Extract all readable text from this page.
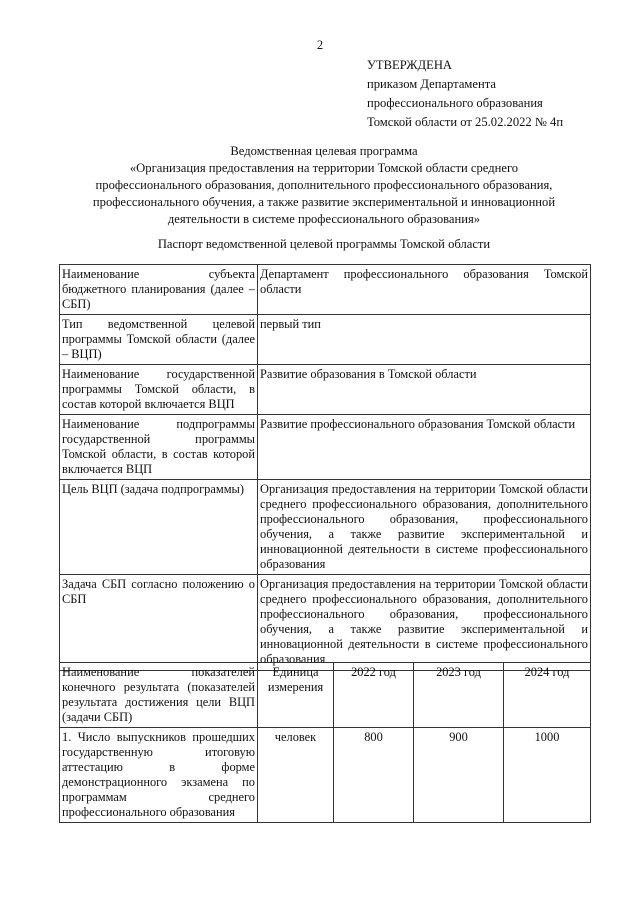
2
УТВЕРЖДЕНА
приказом Департамента
профессионального образования
Томской области от 25.02.2022 № 4п
Ведомственная целевая программа
«Организация предоставления на территории Томской области среднего
профессионального образования, дополнительного профессионального образования,
профессионального обучения, а также развитие экспериментальной и инновационной
деятельности в системе профессионального образования»
Паспорт ведомственной целевой программы Томской области
Наименование субъекта бюджетного планирования (далее – СБП)	Департамент профессионального образования Томской области
Тип ведомственной целевой программы Томской области (далее – ВЦП)	первый тип
Наименование государственной программы Томской области, в состав которой включается ВЦП	Развитие образования в Томской области
Наименование подпрограммы государственной программы Томской области, в состав которой включается ВЦП	Развитие профессионального образования Томской области
Цель ВЦП (задача подпрограммы)	Организация предоставления на территории Томской области среднего профессионального образования, дополнительного профессионального образования, профессионального обучения, а также развитие экспериментальной и инновационной деятельности в системе профессионального образования
Задача СБП согласно положению о СБП	Организация предоставления на территории Томской области среднего профессионального образования, дополнительного профессионального образования, профессионального обучения, а также развитие экспериментальной и инновационной деятельности в системе профессионального образования
Наименование показателей конечного результата (показателей результата достижения цели ВЦП (задачи СБП)	Единица измерения	2022 год	2023 год	2024 год
1. Число выпускников прошедших государственную итоговую аттестацию в форме демонстрационного экзамена по программам среднего профессионального образования	человек	800	900	1000
